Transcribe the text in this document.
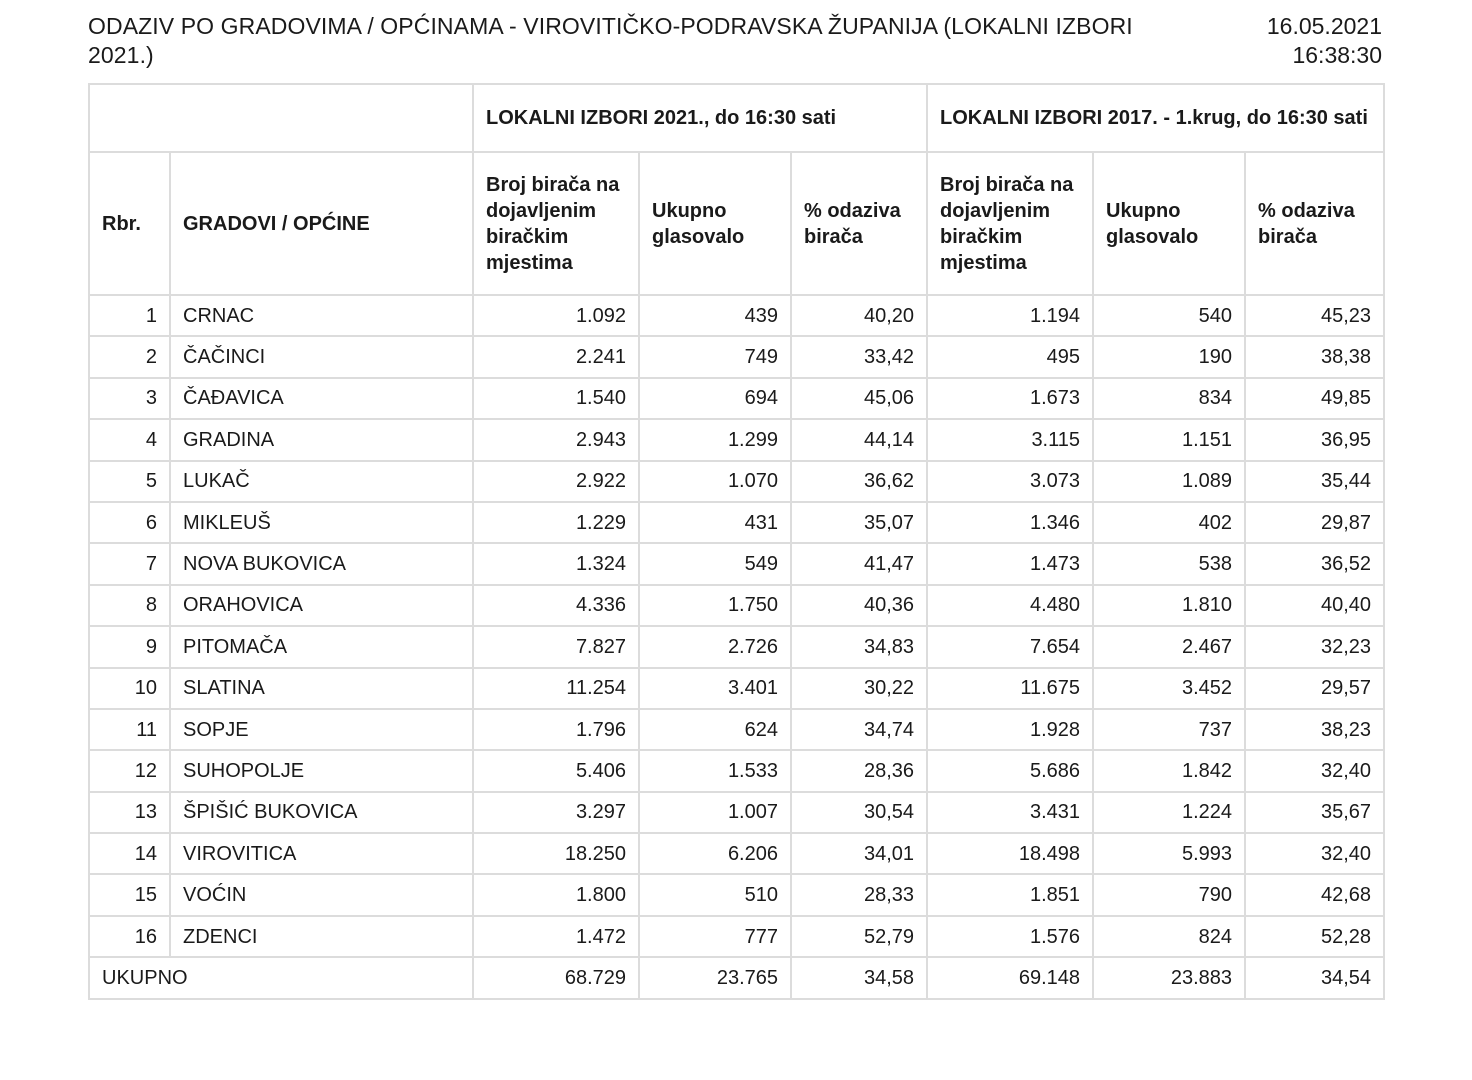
ODAZIV PO GRADOVIMA / OPĆINAMA - VIROVITIČKO-PODRAVSKA ŽUPANIJA (LOKALNI IZBORI 2021.)
16.05.2021
16:38:30
		LOKALNI IZBORI 2021., do 16:30 sati			LOKALNI IZBORI 2017. - 1.krug, do 16:30 sati		
Rbr.	GRADOVI / OPĆINE	Broj birača na dojavljenim biračkim mjestima	Ukupno glasovalo	% odaziva birača	Broj birača na dojavljenim biračkim mjestima	Ukupno glasovalo	% odaziva birača
1	CRNAC	1.092	439	40,20	1.194	540	45,23
2	ČAČINCI	2.241	749	33,42	495	190	38,38
3	ČAĐAVICA	1.540	694	45,06	1.673	834	49,85
4	GRADINA	2.943	1.299	44,14	3.115	1.151	36,95
5	LUKAČ	2.922	1.070	36,62	3.073	1.089	35,44
6	MIKLEUŠ	1.229	431	35,07	1.346	402	29,87
7	NOVA BUKOVICA	1.324	549	41,47	1.473	538	36,52
8	ORAHOVICA	4.336	1.750	40,36	4.480	1.810	40,40
9	PITOMAČA	7.827	2.726	34,83	7.654	2.467	32,23
10	SLATINA	11.254	3.401	30,22	11.675	3.452	29,57
11	SOPJE	1.796	624	34,74	1.928	737	38,23
12	SUHOPOLJE	5.406	1.533	28,36	5.686	1.842	32,40
13	ŠPIŠIĆ BUKOVICA	3.297	1.007	30,54	3.431	1.224	35,67
14	VIROVITICA	18.250	6.206	34,01	18.498	5.993	32,40
15	VOĆIN	1.800	510	28,33	1.851	790	42,68
16	ZDENCI	1.472	777	52,79	1.576	824	52,28
UKUPNO		68.729	23.765	34,58	69.148	23.883	34,54
